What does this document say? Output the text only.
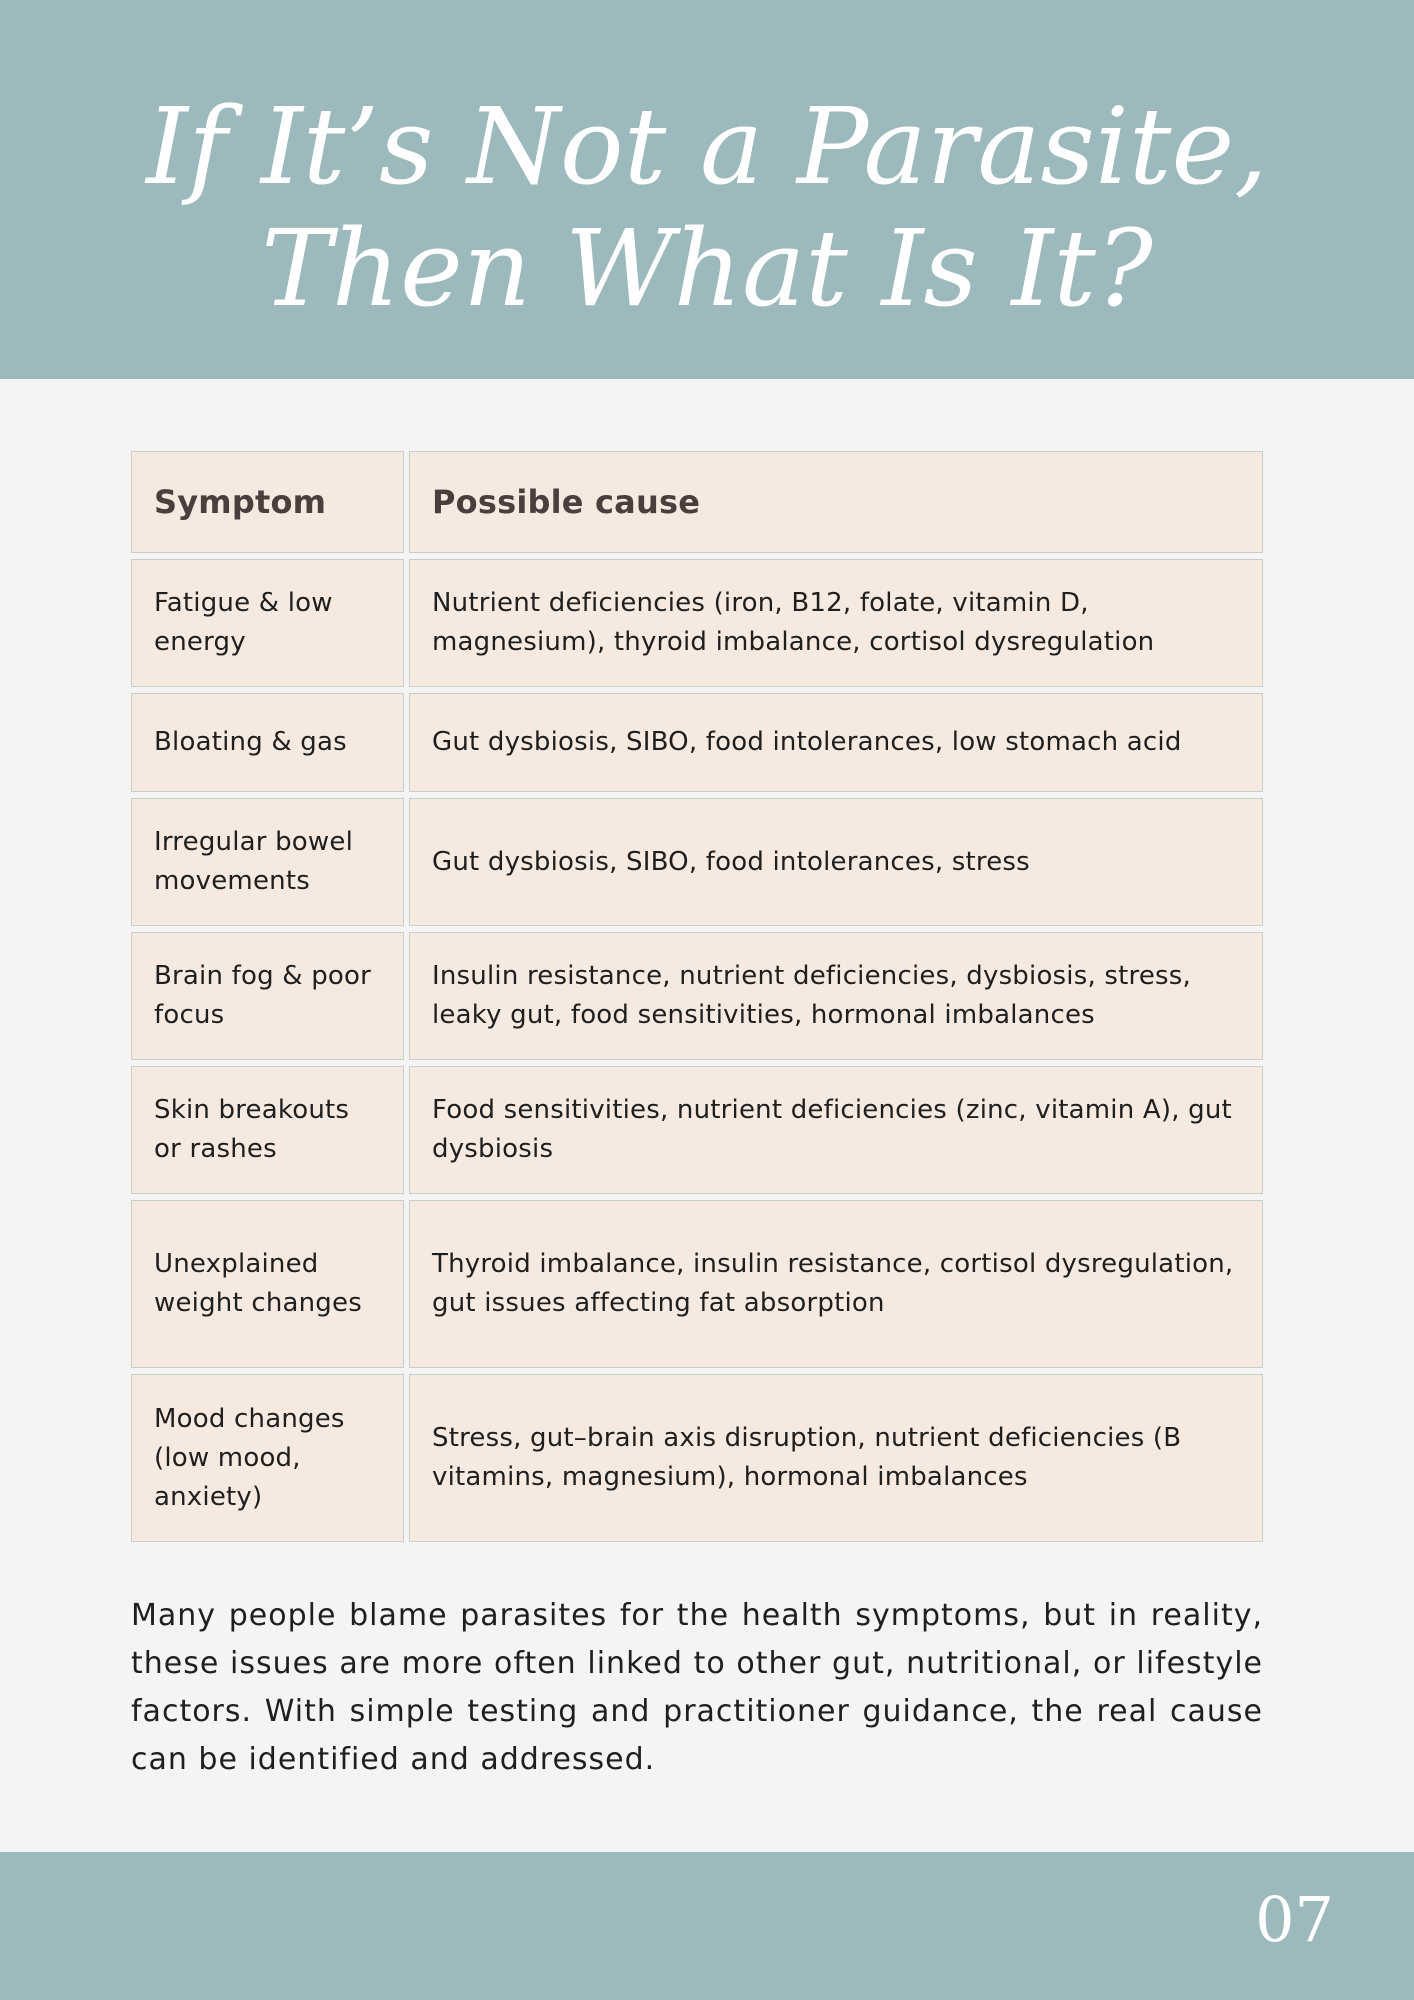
If It’s Not a Parasite,
Then What Is It?
Symptom	Possible cause
Fatigue & low energy
Nutrient deficiencies (iron, B12, folate, vitamin D, magnesium), thyroid imbalance, cortisol dysregulation
Bloating & gas	Gut dysbiosis, SIBO, food intolerances, low stomach acid
Irregular bowel movements
Gut dysbiosis, SIBO, food intolerances, stress
Brain fog & poor focus
Insulin resistance, nutrient deficiencies, dysbiosis, stress, leaky gut, food sensitivities, hormonal imbalances
Skin breakouts or rashes
Food sensitivities, nutrient deficiencies (zinc, vitamin A), gut dysbiosis
Unexplained weight changes
Thyroid imbalance, insulin resistance, cortisol dysregulation, gut issues affecting fat absorption
Mood changes (low mood, anxiety)
Stress, gut–brain axis disruption, nutrient deficiencies (B vitamins, magnesium), hormonal imbalances

Many people blame parasites for the health symptoms, but in reality, these issues are more often linked to other gut, nutritional, or lifestyle factors. With simple testing and practitioner guidance, the real cause can be identified and addressed.

07
